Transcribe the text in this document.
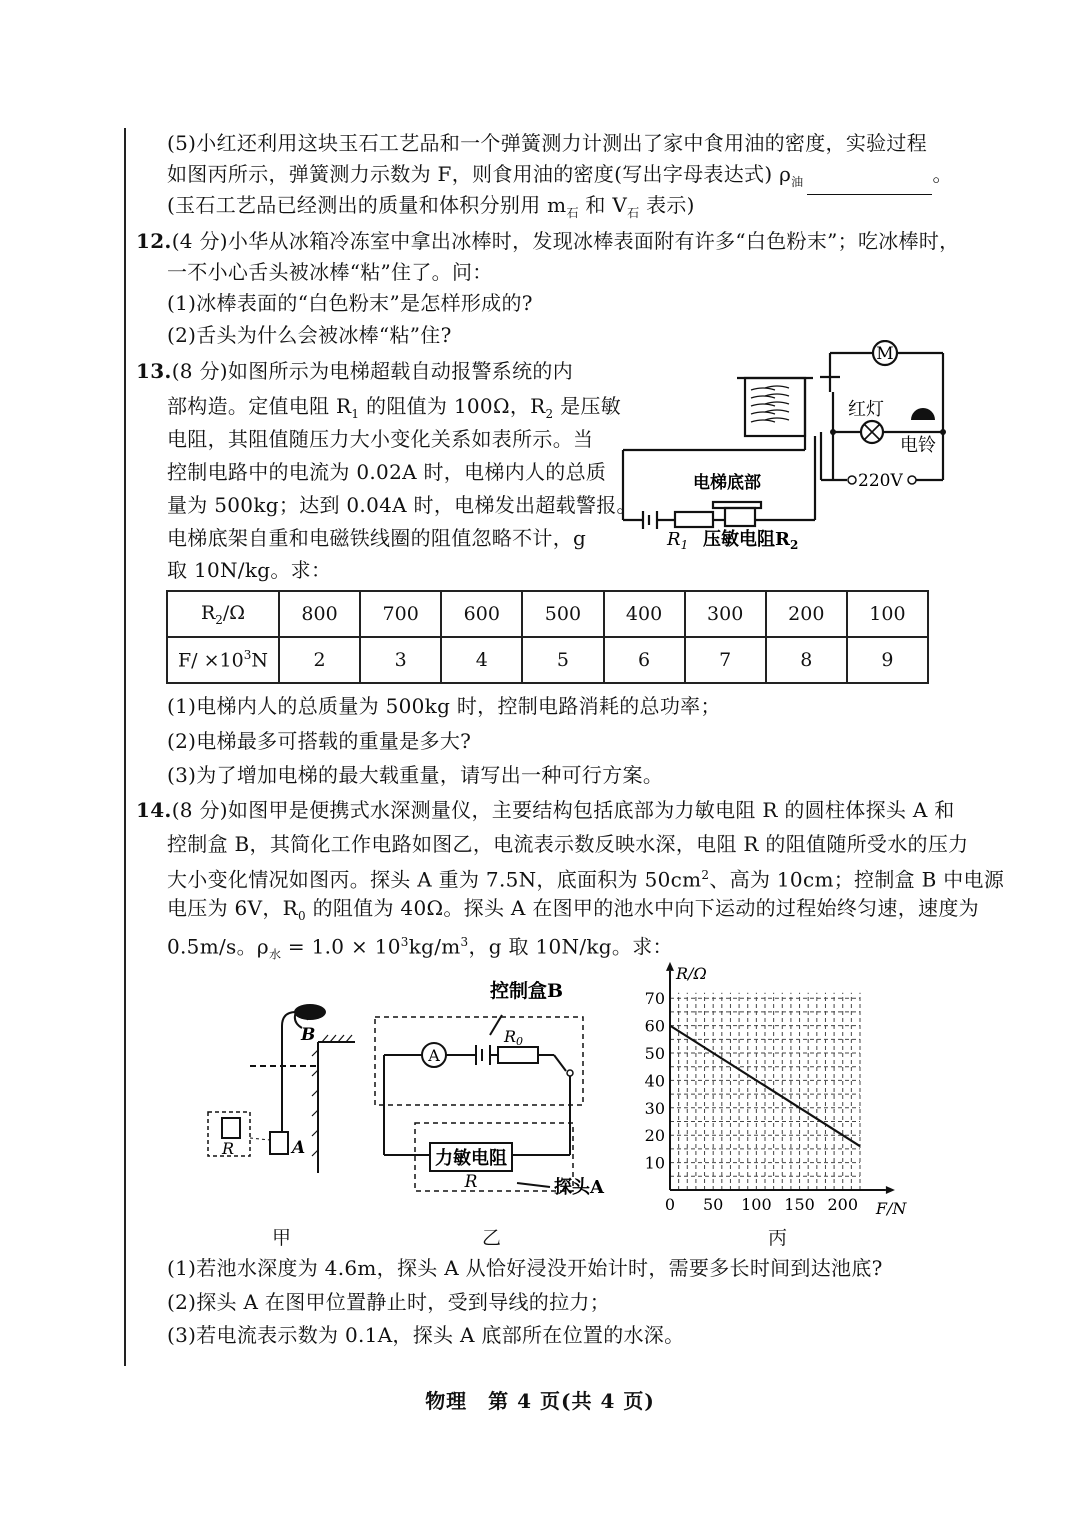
(5)小红还利用这块玉石工艺品和一个弹簧测力计测出了家中食用油的密度，实验过程
如图丙所示，弹簧测力示数为 F，则食用油的密度(写出字母表达式) $\rho_油$	。
(玉石工艺品已经测出的质量和体积分别用 $m_石$ 和 $V_石$ 表示)
12.(4 分)小华从冰箱冷冻室中拿出冰棒时，发现冰棒表面附有许多“白色粉末”；吃冰棒时，
一不小心舌头被冰棒“粘”住了。问：
(1)冰棒表面的“白色粉末”是怎样形成的?
(2)舌头为什么会被冰棒“粘”住?
13.(8 分)如图所示为电梯超载自动报警系统的内
部构造。定值电阻 $R_1$ 的阻值为 100Ω，$R_2$ 是压敏
电阻，其阻值随压力大小变化关系如表所示。当
控制电路中的电流为 0.02A 时，电梯内人的总质
量为 500kg；达到 0.04A 时，电梯发出超载警报。
电梯底架自重和电磁铁线圈的阻值忽略不计，g
取 10N/kg。求：
M
红灯
电铃
220V
电梯底部
$R_1$ 压敏电阻$R_2$
$R_2/\Omega$	800	700	600	500	400	300	200	100
$F/ \times 10^3N$	2	3	4	5	6	7	8	9
(1)电梯内人的总质量为 500kg 时，控制电路消耗的总功率；
(2)电梯最多可搭载的重量是多大?
(3)为了增加电梯的最大载重量，请写出一种可行方案。
14.(8 分)如图甲是便携式水深测量仪，主要结构包括底部为力敏电阻 R 的圆柱体探头 A 和
控制盒 B，其简化工作电路如图乙，电流表示数反映水深，电阻 R 的阻值随所受水的压力
大小变化情况如图丙。探头 A 重为 7.5N，底面积为 $50cm^2$、高为 10cm；控制盒 B 中电源
电压为 6V，$R_0$ 的阻值为 40Ω。探头 A 在图甲的池水中向下运动的过程始终匀速，速度为
0.5m/s。$\rho_水 = 1.0 \times 10^3kg/m^3$，g 取 10N/kg。求：
B
A
R
甲
A
控制盒B
R0
力敏电阻
R	探头A
乙
0 50 100 150 200
10
20
30
40
50
60
70
F/N
R/Ω
丙
(1)若池水深度为 4.6m，探头 A 从恰好浸没开始计时，需要多长时间到达池底?
(2)探头 A 在图甲位置静止时，受到导线的拉力；
(3)若电流表示数为 0.1A，探头 A 底部所在位置的水深。
物理　第 4 页(共 4 页)
